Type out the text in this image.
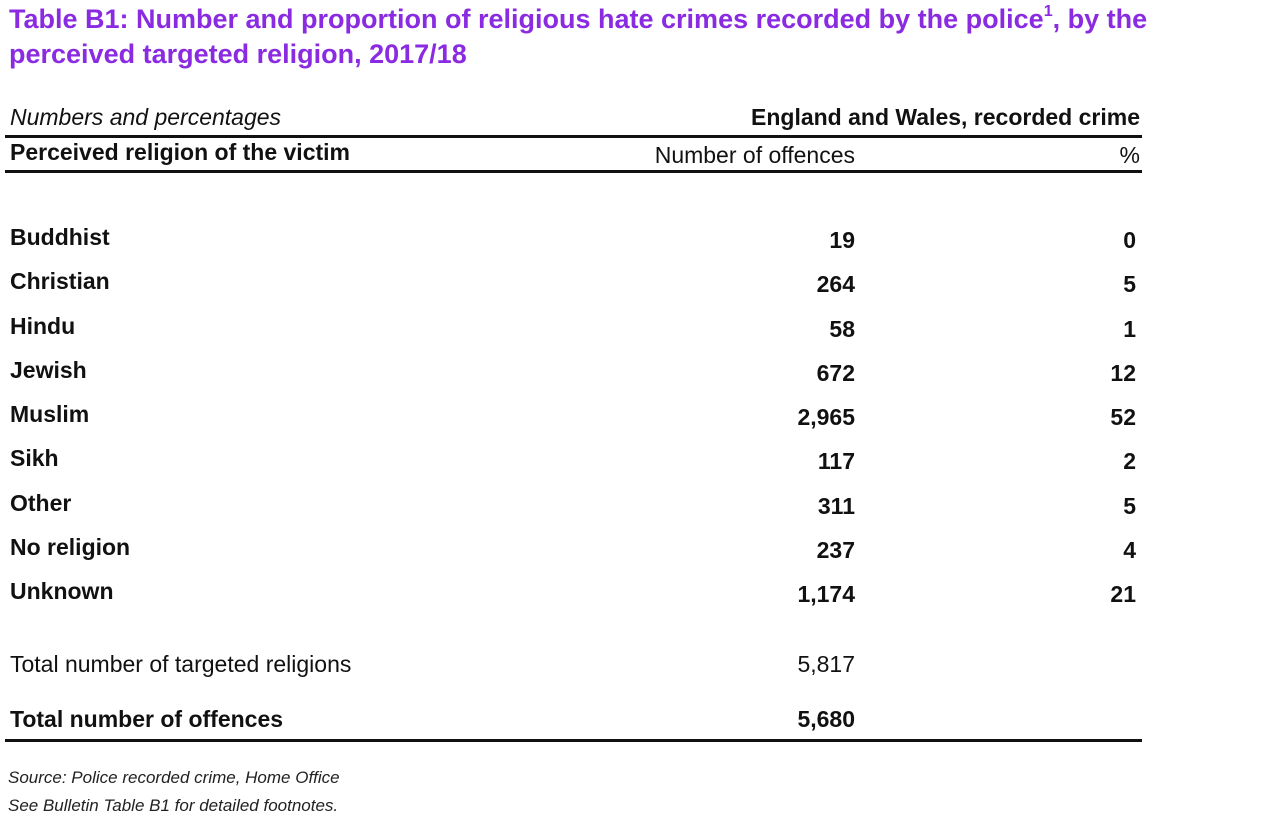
Table B1: Number and proportion of religious hate crimes recorded by the police$^1$, by the
perceived targeted religion, 2017/18
Numbers and percentages	England and Wales, recorded crime
Perceived religion of the victim	Number of offences	%
Buddhist	19	0
Christian	264	5
Hindu	58	1
Jewish	672	12
Muslim	2,965	52
Sikh	117	2
Other	311	5
No religion	237	4
Unknown	1,174	21
Total number of targeted religions	5,817
Total number of offences	5,680
Source: Police recorded crime, Home Office
See Bulletin Table B1 for detailed footnotes.
